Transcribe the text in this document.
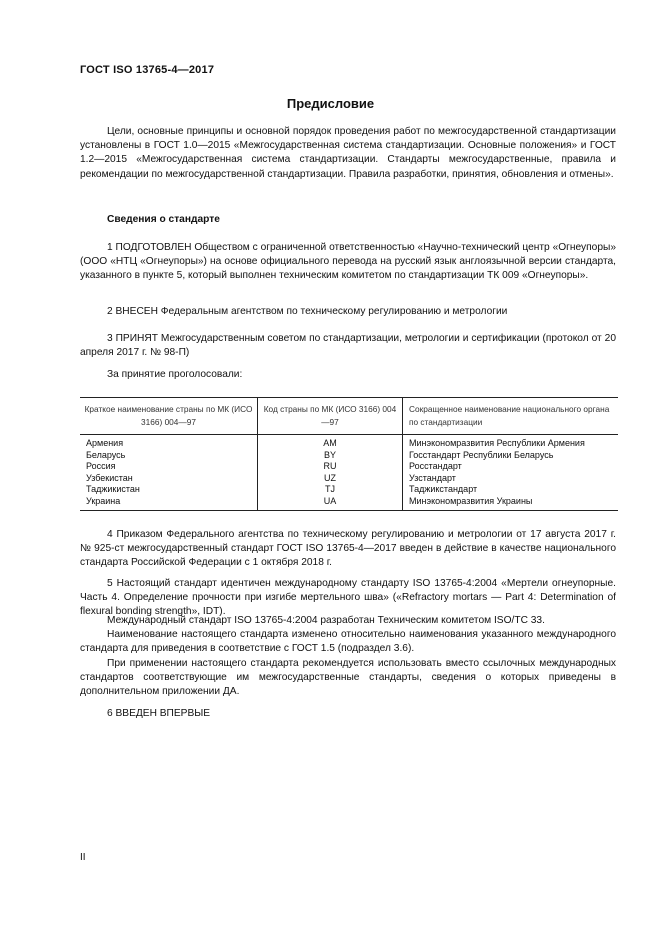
ГОСТ ISO 13765-4—2017
Предисловие
Цели, основные принципы и основной порядок проведения работ по межгосударственной стандартизации установлены в ГОСТ 1.0—2015 «Межгосударственная система стандартизации. Основные положения» и ГОСТ 1.2—2015 «Межгосударственная система стандартизации. Стандарты межгосударственные, правила и рекомендации по межгосударственной стандартизации. Правила разработки, принятия, обновления и отмены».
Сведения о стандарте
1 ПОДГОТОВЛЕН Обществом с ограниченной ответственностью «Научно-технический центр «Огнеупоры» (ООО «НТЦ «Огнеупоры») на основе официального перевода на русский язык англоязычной версии стандарта, указанного в пункте 5, который выполнен техническим комитетом по стандартизации ТК 009 «Огнеупоры».
2 ВНЕСЕН Федеральным агентством по техническому регулированию и метрологии
3 ПРИНЯТ Межгосударственным советом по стандартизации, метрологии и сертификации (протокол от 20 апреля 2017 г. № 98-П)
За принятие проголосовали:
Краткое наименование страны по МК (ИСО 3166) 004—97	Код страны по МК (ИСО 3166) 004—97	Сокращенное наименование национального органа по стандартизации
Армения	AM	Минэкономразвития Республики Армения
Беларусь	BY	Госстандарт Республики Беларусь
Россия	RU	Росстандарт
Узбекистан	UZ	Узстандарт
Таджикистан	TJ	Таджикстандарт
Украина	UA	Минэкономразвития Украины
4 Приказом Федерального агентства по техническому регулированию и метрологии от 17 августа 2017 г. № 925-ст межгосударственный стандарт ГОСТ ISO 13765-4—2017 введен в действие в качестве национального стандарта Российской Федерации с 1 октября 2018 г.
5 Настоящий стандарт идентичен международному стандарту ISO 13765-4:2004 «Мертели огнеупорные. Часть 4. Определение прочности при изгибе мертельного шва» («Refractory mortars — Part 4: Determination of flexural bonding strength», IDT).
Международный стандарт ISO 13765-4:2004 разработан Техническим комитетом ISO/TC 33.
Наименование настоящего стандарта изменено относительно наименования указанного международного стандарта для приведения в соответствие с ГОСТ 1.5 (подраздел 3.6).
При применении настоящего стандарта рекомендуется использовать вместо ссылочных международных стандартов соответствующие им межгосударственные стандарты, сведения о которых приведены в дополнительном приложении ДА.
6 ВВЕДЕН ВПЕРВЫЕ
II
